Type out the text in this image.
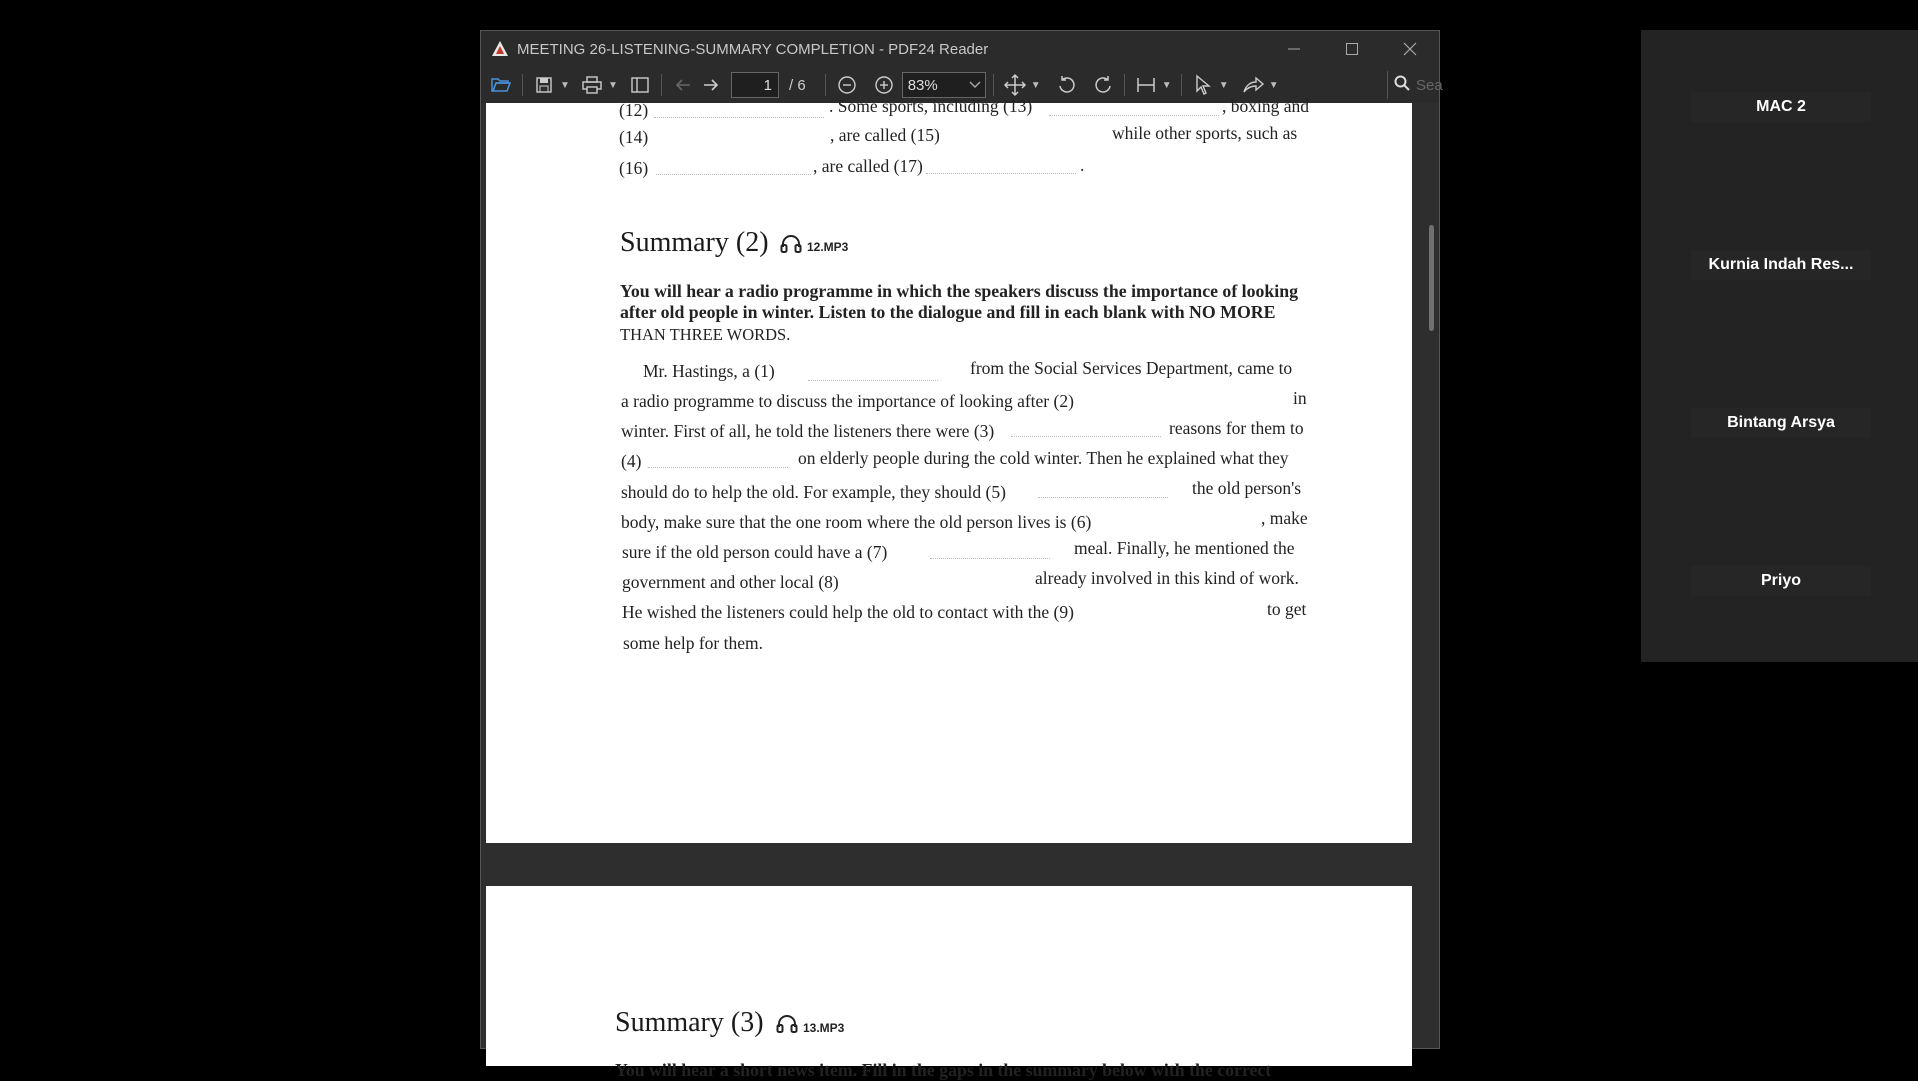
MEETING 26-LISTENING-SUMMARY COMPLETION - PDF24 Reader
▼	▼
1	/ 6	83%	▼	▼	▼	▼	Sea
(12)	. Some sports, including (13)	, boxing and
(14)	, are called (15)	while other sports, such as
(16)	, are called (17)	.
Summary (2)	12.MP3
You will hear a radio programme in which the speakers discuss the importance of looking
after old people in winter. Listen to the dialogue and fill in each blank with NO MORE
THAN THREE WORDS.
Mr. Hastings, a (1)	from the Social Services Department, came to
a radio programme to discuss the importance of looking after (2)	in
winter. First of all, he told the listeners there were (3)	reasons for them to
(4)	on elderly people during the cold winter. Then he explained what they
should do to help the old. For example, they should (5)	the old person's
body, make sure that the one room where the old person lives is (6)	, make
sure if the old person could have a (7)	meal. Finally, he mentioned the
government and other local (8)	already involved in this kind of work.
He wished the listeners could help the old to contact with the (9)	to get
some help for them.
Summary (3)	13.MP3
You will hear a short news item. Fill in the gaps in the summary below with the correct
MAC 2
Kurnia Indah Res...
Bintang Arsya
Priyo
